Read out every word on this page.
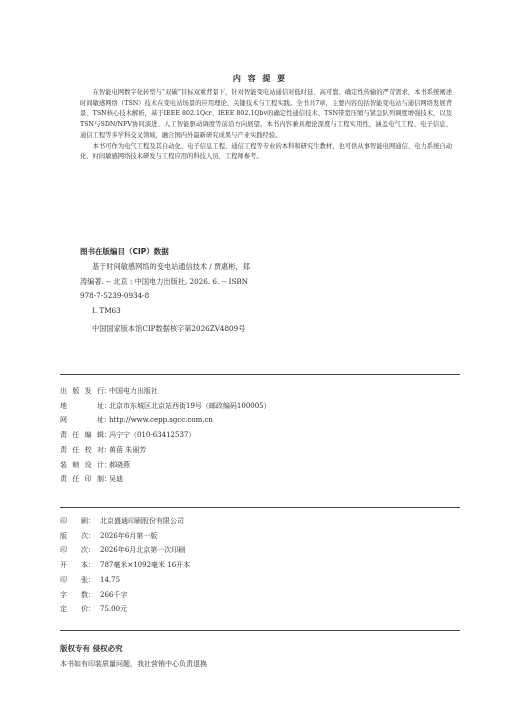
内 容 提 要

在智能电网数字化转型与“双碳”目标双重背景下，针对智能变电站通信对低时延、高可靠、确定性传输的严苛需求，本书系统阐述时间敏感网络（TSN）技术在变电站场景的应用理论、关键技术与工程实践。全书共7章，主要内容包括智能变电站与通信网络发展背景、TSN核心技术解析，基于IEEE 802.1Qcr、IEEE 802.1Qbv的确定性通信技术、TSN带宽压缩与紧急队列调度增强技术，以及TSN与SDN/NFV协同演进、人工智能驱动调度等前沿方向展望。本书内容兼具理论深度与工程实用性，涵盖电气工程、电子信息、通信工程等多学科交叉领域，融合国内外最新研究成果与产业实践经验。

本书可作为电气工程及其自动化、电子信息工程、通信工程等专业的本科和研究生教材，也可供从事智能电网通信、电力系统自动化、时间敏感网络技术研发与工程应用的科技人员、工程师参考。

图书在版编目（CIP）数据
基于时间敏感网络的变电站通信技术 / 贾惠彬，郑
涛编著. -- 北京 : 中国电力出版社, 2026. 6. -- ISBN
978-7-5239-0934-8
Ⅰ. TM63
中国国家版本馆CIP数据核字第2026ZV4809号
出版发行 ：
中国电力出版社
地址 ：
北京市东城区北京站西街19号（邮政编码100005）
网址 ：
http://www.cepp.sgcc.com.cn
责任编辑 ：
冯宁宁（010-63412537）
责任校对 ：
黄蓓 朱丽芳
装帧设计 ：
郝晓燕
责任印制 ：
吴迪
印刷 ： 北京盛通印刷股份有限公司
版次 ： 2026年6月第一版
印次 ： 2026年6月北京第一次印刷
开本 ： 787毫米×1092毫米 16开本
印张 ： 14.75
字数 ： 266千字
定价 ： 75.00元
版权专有 侵权必究
本书如有印装质量问题，我社营销中心负责退换
